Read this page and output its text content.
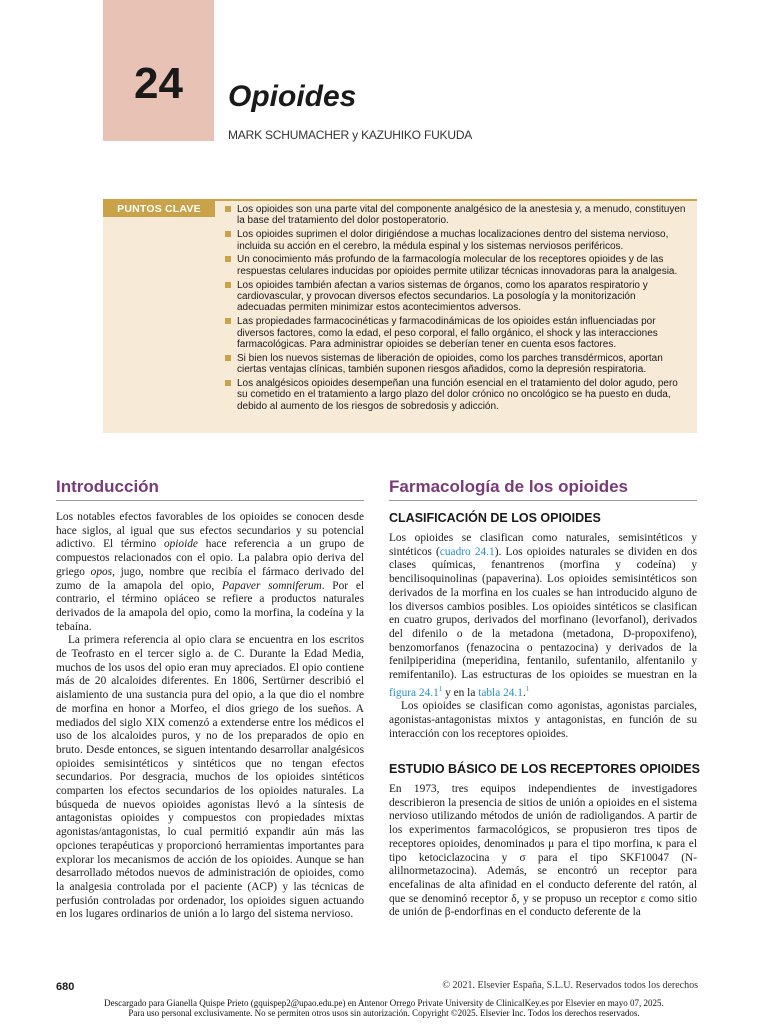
24	Opioides
MARK SCHUMACHER y KAZUHIKO FUKUDA
PUNTOS CLAVE	Los opioides son una parte vital del componente analgésico de la anestesia y, a menudo, constituyen la base del tratamiento del dolor postoperatorio.
Los opioides suprimen el dolor dirigiéndose a muchas localizaciones dentro del sistema nervioso, incluida su acción en el cerebro, la médula espinal y los sistemas nerviosos periféricos.
Un conocimiento más profundo de la farmacología molecular de los receptores opioides y de las respuestas celulares inducidas por opioides permite utilizar técnicas innovadoras para la analgesia.
Los opioides también afectan a varios sistemas de órganos, como los aparatos respiratorio y cardiovascular, y provocan diversos efectos secundarios. La posología y la monitorización adecuadas permiten minimizar estos acontecimientos adversos.
Las propiedades farmacocinéticas y farmacodinámicas de los opioides están influenciadas por diversos factores, como la edad, el peso corporal, el fallo orgánico, el shock y las interacciones farmacológicas. Para administrar opioides se deberían tener en cuenta esos factores.
Si bien los nuevos sistemas de liberación de opioides, como los parches transdérmicos, aportan ciertas ventajas clínicas, también suponen riesgos añadidos, como la depresión respiratoria.
Los analgésicos opioides desempeñan una función esencial en el tratamiento del dolor agudo, pero su cometido en el tratamiento a largo plazo del dolor crónico no oncológico se ha puesto en duda, debido al aumento de los riesgos de sobredosis y adicción.
Introducción

Los notables efectos favorables de los opioides se conocen desde hace siglos, al igual que sus efectos secundarios y su potencial adictivo. El término opioide hace referencia a un grupo de compuestos relacionados con el opio. La palabra opio deriva del griego opos, jugo, nombre que recibía el fármaco derivado del zumo de la amapola del opio, Papaver somniferum. Por el contrario, el término opiáceo se refiere a productos naturales derivados de la amapola del opio, como la morfina, la codeína y la tebaína.

La primera referencia al opio clara se encuentra en los escritos de Teofrasto en el tercer siglo a. de C. Durante la Edad Media, muchos de los usos del opio eran muy apreciados. El opio contiene más de 20 alcaloides diferentes. En 1806, Sertürner describió el aislamiento de una sustancia pura del opio, a la que dio el nombre de morfina en honor a Morfeo, el dios griego de los sueños. A mediados del siglo XIX comenzó a extenderse entre los médicos el uso de los alcaloides puros, y no de los preparados de opio en bruto. Desde entonces, se siguen intentando desarrollar analgésicos opioides semisintéticos y sintéticos que no tengan efectos secundarios. Por desgracia, muchos de los opioides sintéticos comparten los efectos secundarios de los opioides naturales. La búsqueda de nuevos opioides agonistas llevó a la síntesis de antagonistas opioides y compuestos con propiedades mixtas agonistas/antagonistas, lo cual permitió expandir aún más las opciones terapéuticas y proporcionó herramientas importantes para explorar los mecanismos de acción de los opioides. Aunque se han desarrollado métodos nuevos de administración de opioides, como la analgesia controlada por el paciente (ACP) y las técnicas de perfusión controladas por ordenador, los opioides siguen actuando en los lugares ordinarios de unión a lo largo del sistema nervioso.

Farmacología de los opioides
CLASIFICACIÓN DE LOS OPIOIDES

Los opioides se clasifican como naturales, semisintéticos y sintéticos (cuadro 24.1). Los opioides naturales se dividen en dos clases químicas, fenantrenos (morfina y codeína) y bencilisoquinolinas (papaverina). Los opioides semisintéticos son derivados de la morfina en los cuales se han introducido alguno de los diversos cambios posibles. Los opioides sintéticos se clasifican en cuatro grupos, derivados del morfinano (levorfanol), derivados del difenilo o de la metadona (metadona, D-propoxifeno), benzomorfanos (fenazocina o pentazocina) y derivados de la fenilpiperidina (meperidina, fentanilo, sufentanilo, alfentanilo y remifentanilo). Las estructuras de los opioides se muestran en la figura 24.1$^1$ y en la tabla 24.1.$^1$

Los opioides se clasifican como agonistas, agonistas parciales, agonistas-antagonistas mixtos y antagonistas, en función de su interacción con los receptores opioides.

ESTUDIO BÁSICO DE LOS RECEPTORES OPIOIDES

En 1973, tres equipos independientes de investigadores describieron la presencia de sitios de unión a opioides en el sistema nervioso utilizando métodos de unión de radioligandos. A partir de los experimentos farmacológicos, se propusieron tres tipos de receptores opioides, denominados μ para el tipo morfina, κ para el tipo ketociclazocina y σ para el tipo SKF10047 (N-alilnormetazocina). Además, se encontró un receptor para encefalinas de alta afinidad en el conducto deferente del ratón, al que se denominó receptor δ, y se propuso un receptor ε como sitio de unión de β-endorfinas en el conducto deferente de la

680	© 2021. Elsevier España, S.L.U. Reservados todos los derechos
Descargado para Gianella Quispe Prieto (gquispep2@upao.edu.pe) en Antenor Orrego Private University de ClinicalKey.es por Elsevier en mayo 07, 2025.
Para uso personal exclusivamente. No se permiten otros usos sin autorización. Copyright ©2025. Elsevier Inc. Todos los derechos reservados.
